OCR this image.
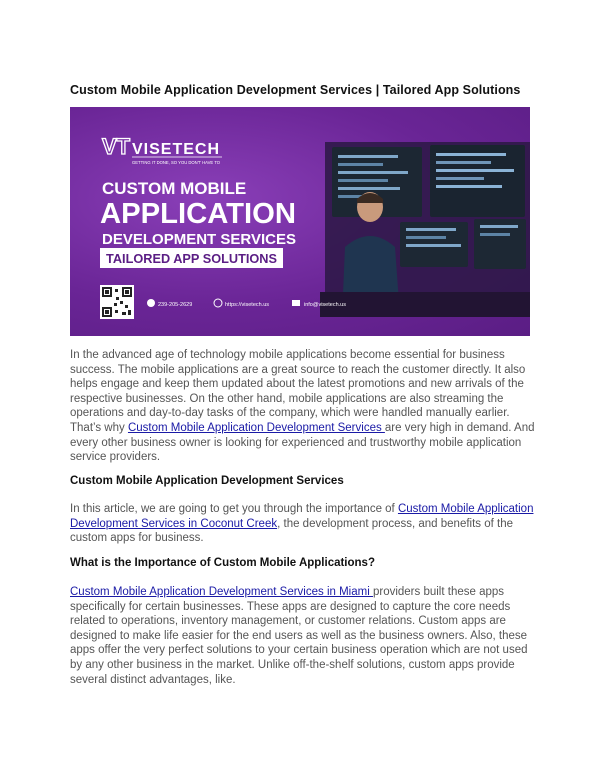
Custom Mobile Application Development Services | Tailored App Solutions
VT VISETECH
GETTING IT DONE, SO YOU DON'T HAVE TO
CUSTOM MOBILE
APPLICATION
DEVELOPMENT SERVICES
TAILORED APP SOLUTIONS
239-205-2629	https://visetech.us	info@visetech.us
In the advanced age of technology mobile applications become essential for business success. The mobile applications are a great source to reach the customer directly. It also helps engage and keep them updated about the latest promotions and new arrivals of the respective businesses. On the other hand, mobile applications are also streaming the operations and day-to-day tasks of the company, which were handled manually earlier. That’s why Custom Mobile Application Development Services are very high in demand. And every other business owner is looking for experienced and trustworthy mobile application service providers.
Custom Mobile Application Development Services
In this article, we are going to get you through the importance of Custom Mobile Application Development Services in Coconut Creek, the development process, and benefits of the custom apps for business.
What is the Importance of Custom Mobile Applications?
Custom Mobile Application Development Services in Miami providers built these apps specifically for certain businesses. These apps are designed to capture the core needs related to operations, inventory management, or customer relations. Custom apps are designed to make life easier for the end users as well as the business owners. Also, these apps offer the very perfect solutions to your certain business operation which are not used by any other business in the market. Unlike off-the-shelf solutions, custom apps provide several distinct advantages, like.
